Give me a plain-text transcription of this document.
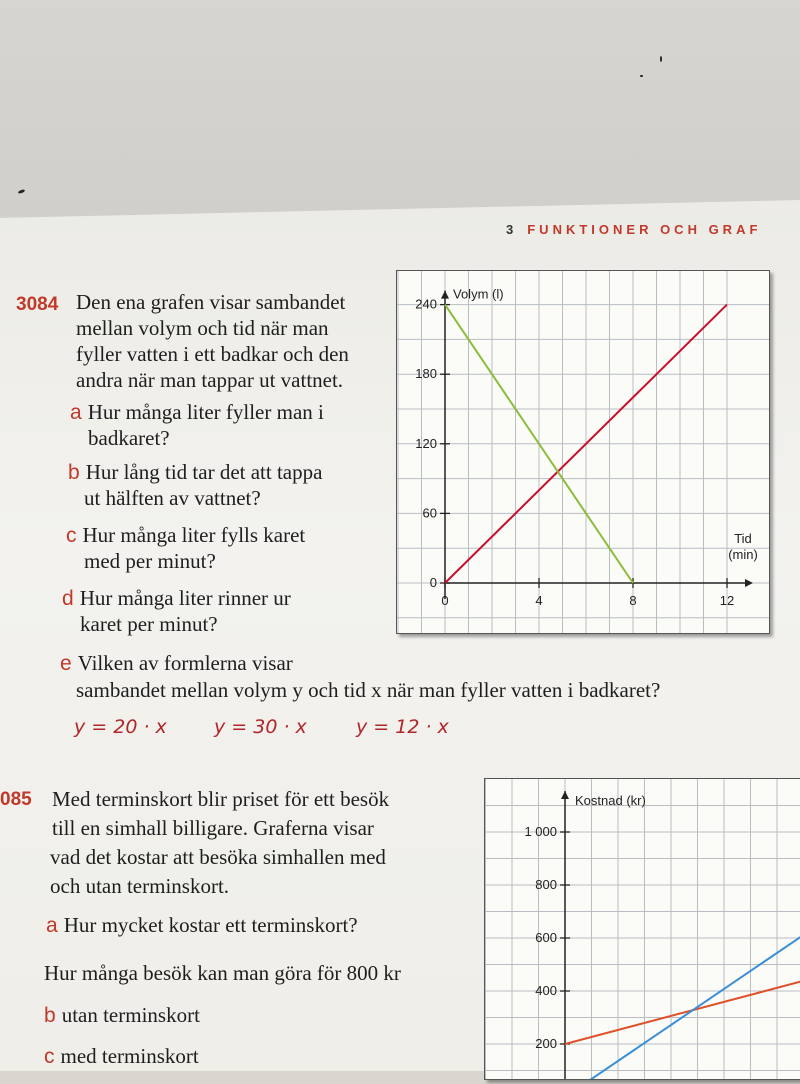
3 FUNKTIONER OCH GRAF
3084 Den ena grafen visar sambandet
mellan volym och tid när man
fyller vatten i ett badkar och den
andra när man tappar ut vattnet.
a Hur många liter fyller man i
badkaret?
b Hur lång tid tar det att tappa
ut hälften av vattnet?
c Hur många liter fylls karet
med per minut?
d Hur många liter rinner ur
karet per minut?
e Vilken av formlerna visar
sambandet mellan volym y och tid x när man fyller vatten i badkaret?
y = 20 · x y = 30 · x	y = 12 · x
0
60
120
180
240
0	4	8	12
Volym (l)
Tid
(min)
085 Med terminskort blir priset för ett besök
till en simhall billigare. Graferna visar
vad det kostar att besöka simhallen med
och utan terminskort.
a Hur mycket kostar ett terminskort?
Hur många besök kan man göra för 800 kr
b utan terminskort
c med terminskort
200
400
600
800
1 000
Kostnad (kr)
